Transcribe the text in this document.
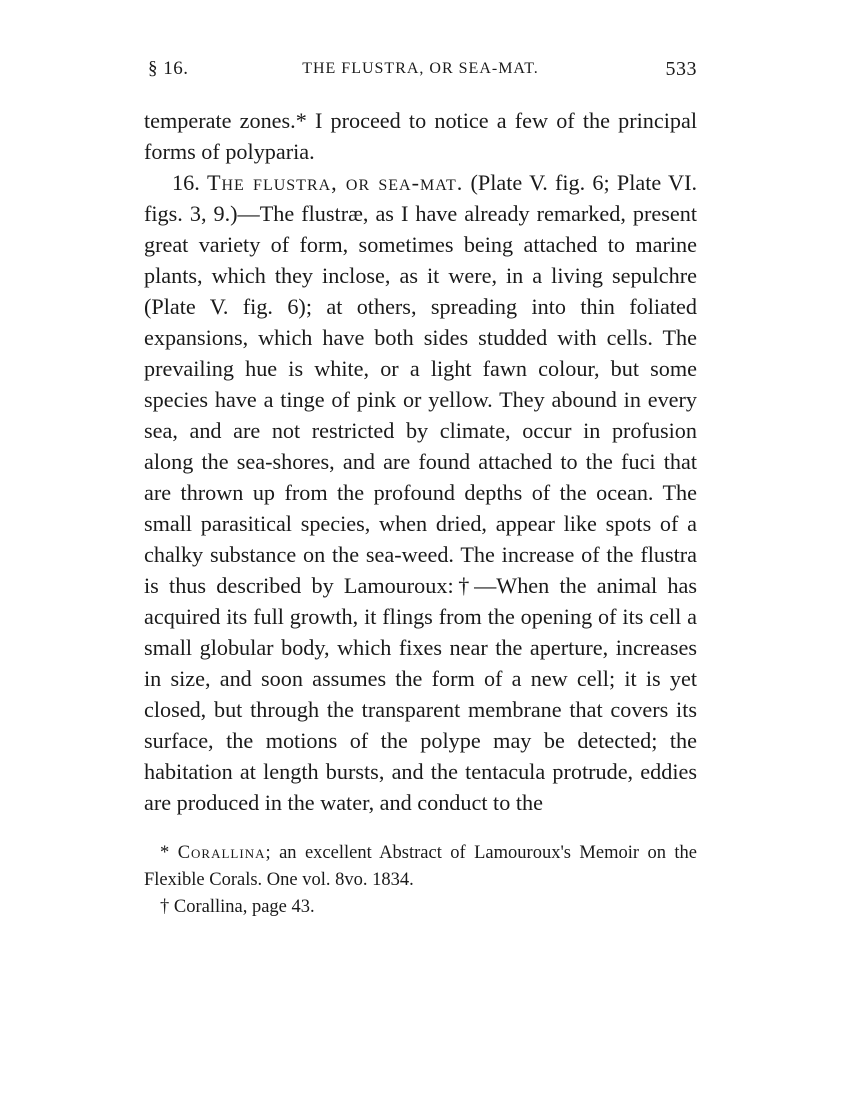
§ 16.	THE FLUSTRA, OR SEA-MAT.	533

temperate zones.* I proceed to notice a few of the principal forms of polyparia.

16. The flustra, or sea-mat. (Plate V. fig. 6; Plate VI. figs. 3, 9.)—The flustræ, as I have already remarked, present great variety of form, sometimes being attached to marine plants, which they inclose, as it were, in a living sepulchre (Plate V. fig. 6); at others, spreading into thin foliated expansions, which have both sides studded with cells. The prevailing hue is white, or a light fawn colour, but some species have a tinge of pink or yellow. They abound in every sea, and are not restricted by climate, occur in profusion along the sea-shores, and are found attached to the fuci that are thrown up from the profound depths of the ocean. The small parasitical species, when dried, appear like spots of a chalky substance on the sea-weed. The increase of the flustra is thus described by Lamouroux:†—When the animal has acquired its full growth, it flings from the opening of its cell a small globular body, which fixes near the aperture, increases in size, and soon assumes the form of a new cell; it is yet closed, but through the transparent membrane that covers its surface, the motions of the polype may be detected; the habitation at length bursts, and the tentacula protrude, eddies are produced in the water, and conduct to the

* Corallina; an excellent Abstract of Lamouroux's Memoir on the Flexible Corals. One vol. 8vo. 1834.

† Corallina, page 43.
